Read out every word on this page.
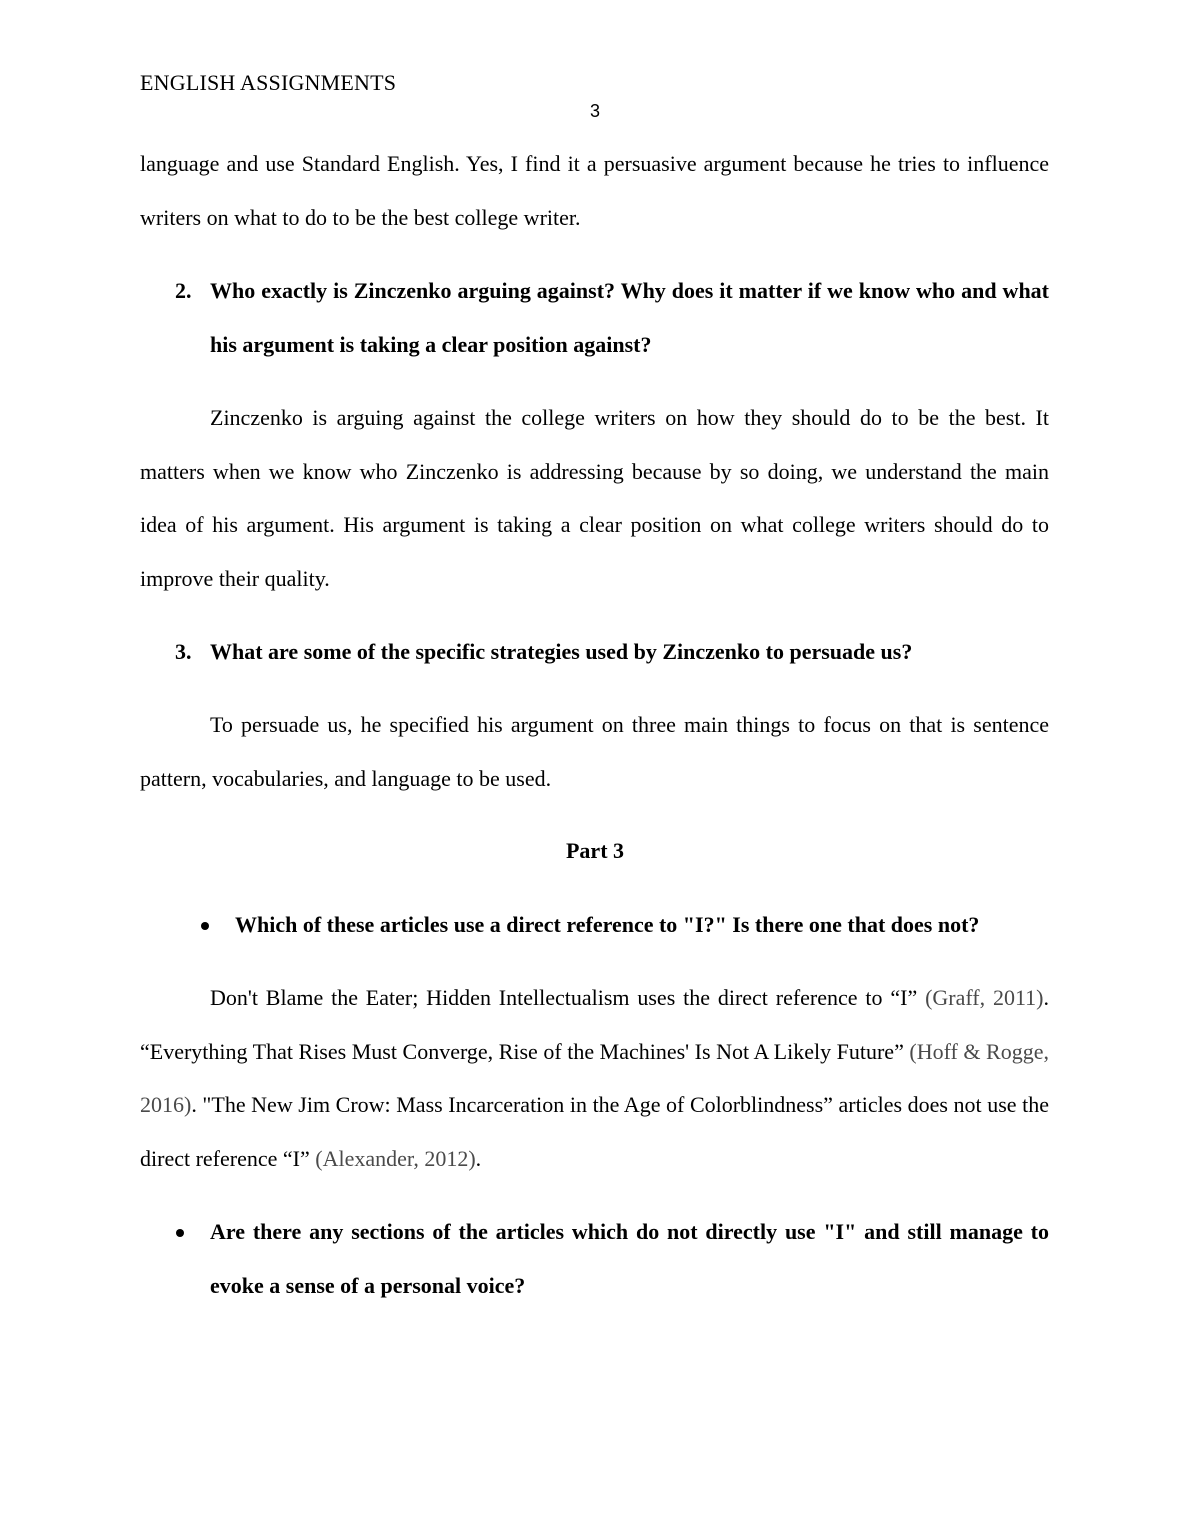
ENGLISH ASSIGNMENTS
3

language and use Standard English. Yes, I find it a persuasive argument because he tries to influence writers on what to do to be the best college writer.

2. Who exactly is Zinczenko arguing against? Why does it matter if we know who and what his argument is taking a clear position against?

Zinczenko is arguing against the college writers on how they should do to be the best. It matters when we know who Zinczenko is addressing because by so doing, we understand the main idea of his argument. His argument is taking a clear position on what college writers should do to improve their quality.

3. What are some of the specific strategies used by Zinczenko to persuade us?

To persuade us, he specified his argument on three main things to focus on that is sentence pattern, vocabularies, and language to be used.

Part 3
Which of these articles use a direct reference to "I?" Is there one that does not?

Don't Blame the Eater; Hidden Intellectualism uses the direct reference to “I” (Graff, 2011). “Everything That Rises Must Converge, Rise of the Machines' Is Not A Likely Future” (Hoff & Rogge, 2016). "The New Jim Crow: Mass Incarceration in the Age of Colorblindness” articles does not use the direct reference “I” (Alexander, 2012).

Are there any sections of the articles which do not directly use "I" and still manage to evoke a sense of a personal voice?
